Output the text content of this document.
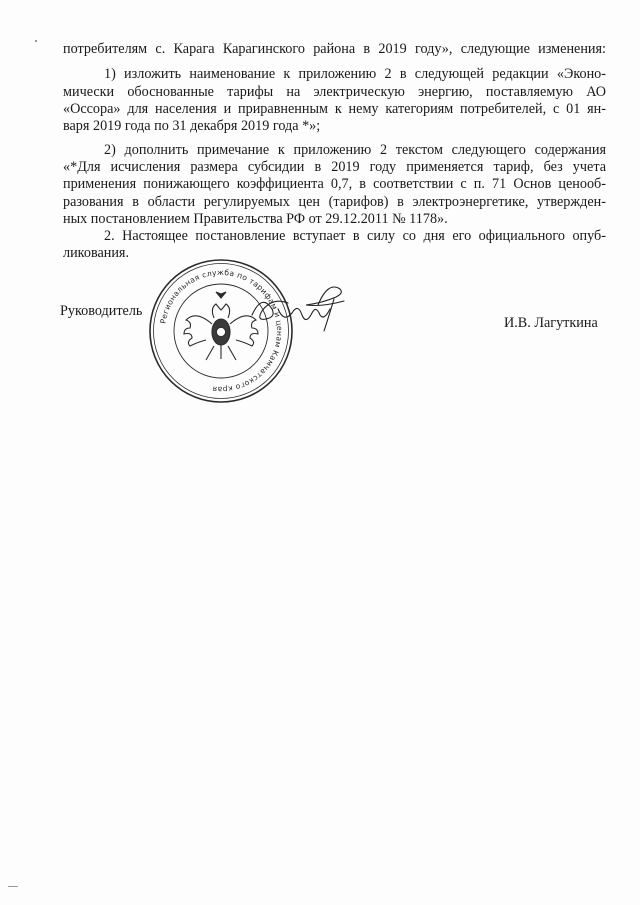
потребителям с. Карага Карагинского района в 2019 году», следующие изменения:
1) изложить наименование к приложению 2 в следующей редакции «Эконо-
мически обоснованные тарифы на электрическую энергию, поставляемую АО
«Оссора» для населения и приравненным к нему категориям потребителей, с 01 ян-
варя 2019 года по 31 декабря 2019 года *»;
2) дополнить примечание к приложению 2 текстом следующего содержания
«*Для исчисления размера субсидии в 2019 году применяется тариф, без учета
применения понижающего коэффициента 0,7, в соответствии с п. 71 Основ ценооб-
разования в области регулируемых цен (тарифов) в электроэнергетике, утвержден-
ных постановлением Правительства РФ от 29.12.2011 № 1178».
2. Настоящее постановление вступает в силу со дня его официального опуб-
ликования.
Региональная служба по тарифам и ценам Камчатского края
Руководитель
И.В. Лагуткина
